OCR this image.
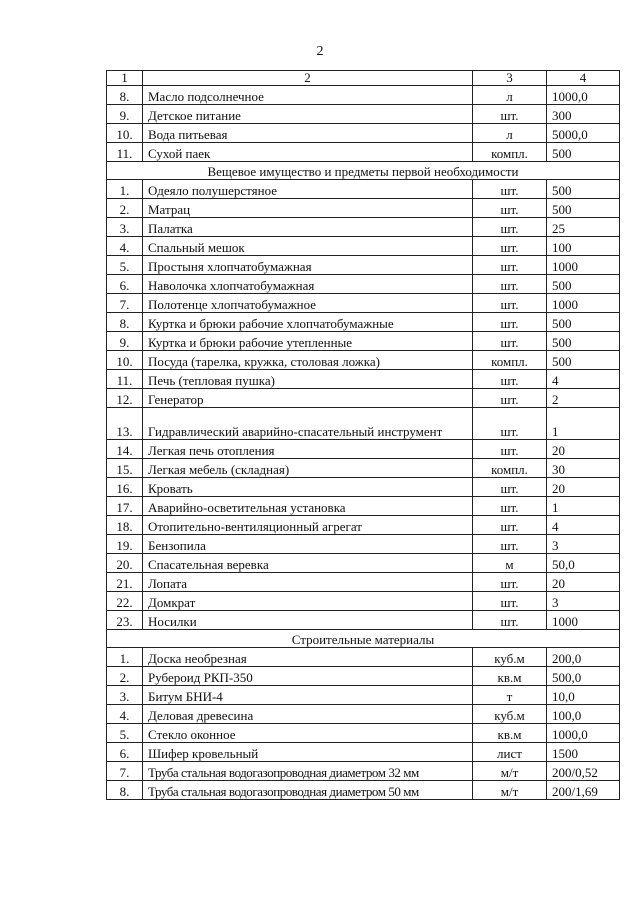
2
1	2	3	4
8.	Масло подсолнечное	л	1000,0
9.	Детское питание	шт.	300
10.	Вода питьевая	л	5000,0
11.	Сухой паек	компл.	500
Вещевое имущество и предметы первой необходимости			
1.	Одеяло полушерстяное	шт.	500
2.	Матрац	шт.	500
3.	Палатка	шт.	25
4.	Спальный мешок	шт.	100
5.	Простыня хлопчатобумажная	шт.	1000
6.	Наволочка хлопчатобумажная	шт.	500
7.	Полотенце хлопчатобумажное	шт.	1000
8.	Куртка и брюки рабочие хлопчатобумажные	шт.	500
9.	Куртка и брюки рабочие утепленные	шт.	500
10.	Посуда (тарелка, кружка, столовая ложка)	компл.	500
11.	Печь (тепловая пушка)	шт.	4
12.	Генератор	шт.	2
13.	Гидравлический аварийно-спасательный инструмент	шт.	1
14.	Легкая печь отопления	шт.	20
15.	Легкая мебель (складная)	компл.	30
16.	Кровать	шт.	20
17.	Аварийно-осветительная установка	шт.	1
18.	Отопительно-вентиляционный агрегат	шт.	4
19.	Бензопила	шт.	3
20.	Спасательная веревка	м	50,0
21.	Лопата	шт.	20
22.	Домкрат	шт.	3
23.	Носилки	шт.	1000
Строительные материалы			
1.	Доска необрезная	куб.м	200,0
2.	Рубероид РКП-350	кв.м	500,0
3.	Битум БНИ-4	т	10,0
4.	Деловая древесина	куб.м	100,0
5.	Стекло оконное	кв.м	1000,0
6.	Шифер кровельный	лист	1500
7.	Труба стальная водогазопроводная диаметром 32 мм	м/т	200/0,52
8.	Труба стальная водогазопроводная диаметром 50 мм	м/т	200/1,69
